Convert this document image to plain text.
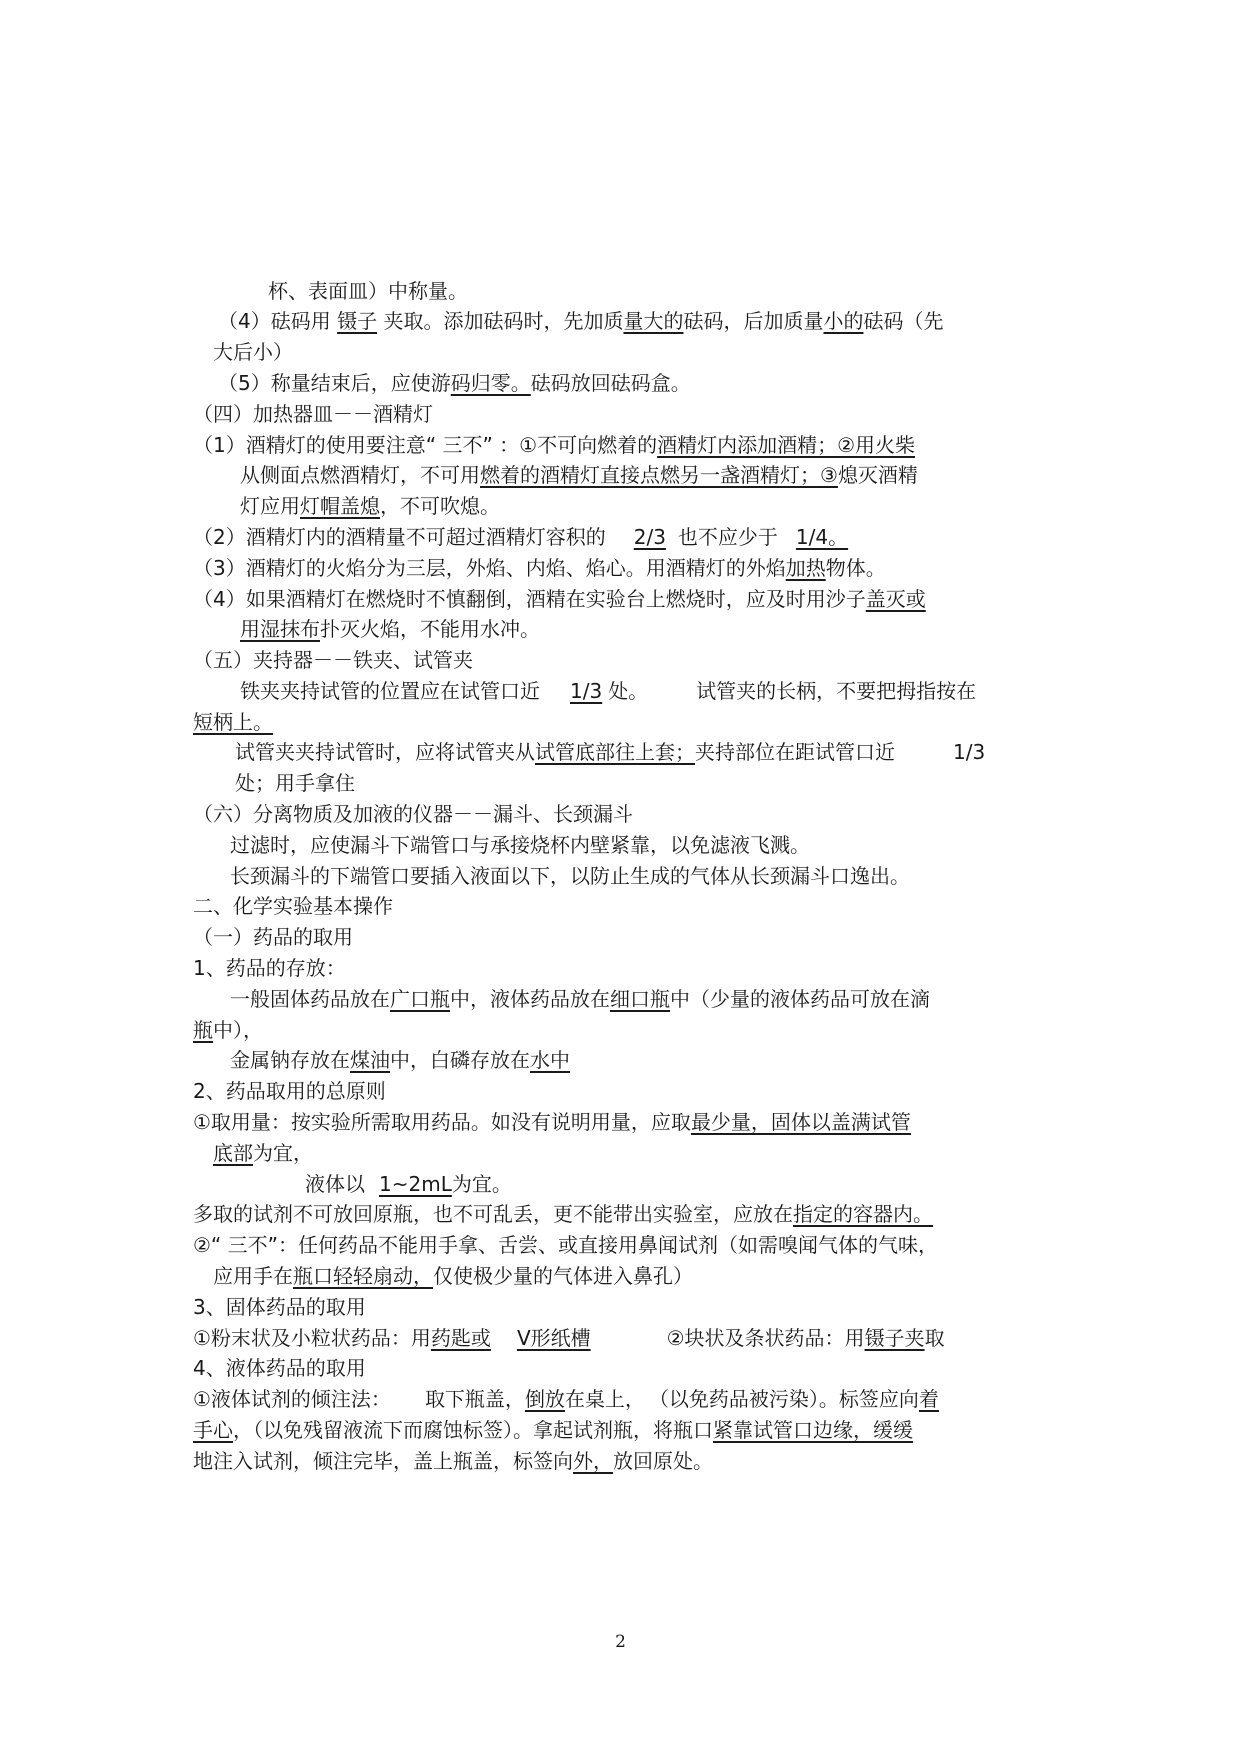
杯、表面皿）中称量。
（4）砝码用 镊子 夹取。添加砝码时，先加质量大的砝码，后加质量小的砝码（先
大后小）
（5）称量结束后，应使游码归零。砝码放回砝码盒。
（四）加热器皿－－酒精灯
（1）酒精灯的使用要注意“ 三不” ：①不可向燃着的酒精灯内添加酒精；②用火柴
从侧面点燃酒精灯，不可用燃着的酒精灯直接点燃另一盏酒精灯；③熄灭酒精
灯应用灯帽盖熄，不可吹熄。
（2）酒精灯内的酒精量不可超过酒精灯容积的 2/3 也不应少于 1/4。
（3）酒精灯的火焰分为三层，外焰、内焰、焰心。用酒精灯的外焰加热物体。
（4）如果酒精灯在燃烧时不慎翻倒，酒精在实验台上燃烧时，应及时用沙子盖灭或
用湿抹布扑灭火焰，不能用水冲。
（五）夹持器－－铁夹、试管夹
铁夹夹持试管的位置应在试管口近 1/3 处。 试管夹的长柄，不要把拇指按在
短柄上。
试管夹夹持试管时，应将试管夹从试管底部往上套；夹持部位在距试管口近	1/3
处；用手拿住
（六）分离物质及加液的仪器－－漏斗、长颈漏斗
过滤时，应使漏斗下端管口与承接烧杯内壁紧靠，以免滤液飞溅。
长颈漏斗的下端管口要插入液面以下，以防止生成的气体从长颈漏斗口逸出。
二、化学实验基本操作
（一）药品的取用
1、药品的存放：
一般固体药品放在广口瓶中，液体药品放在细口瓶中（少量的液体药品可放在滴
瓶中），
金属钠存放在煤油中，白磷存放在水中
2、药品取用的总原则
①取用量：按实验所需取用药品。如没有说明用量，应取最少量，固体以盖满试管
底部为宜，
液体以 1~2mL为宜。
多取的试剂不可放回原瓶，也不可乱丢，更不能带出实验室，应放在指定的容器内。
②“ 三不”：任何药品不能用手拿、舌尝、或直接用鼻闻试剂（如需嗅闻气体的气味，
应用手在瓶口轻轻扇动，仅使极少量的气体进入鼻孔）
3、固体药品的取用
①粉末状及小粒状药品：用药匙或 V形纸槽	②块状及条状药品：用镊子夹取
4、液体药品的取用
①液体试剂的倾注法： 取下瓶盖，倒放在桌上， （以免药品被污染）。标签应向着
手心，（以免残留液流下而腐蚀标签）。拿起试剂瓶，将瓶口紧靠试管口边缘，缓缓
地注入试剂，倾注完毕，盖上瓶盖，标签向外，放回原处。
2
